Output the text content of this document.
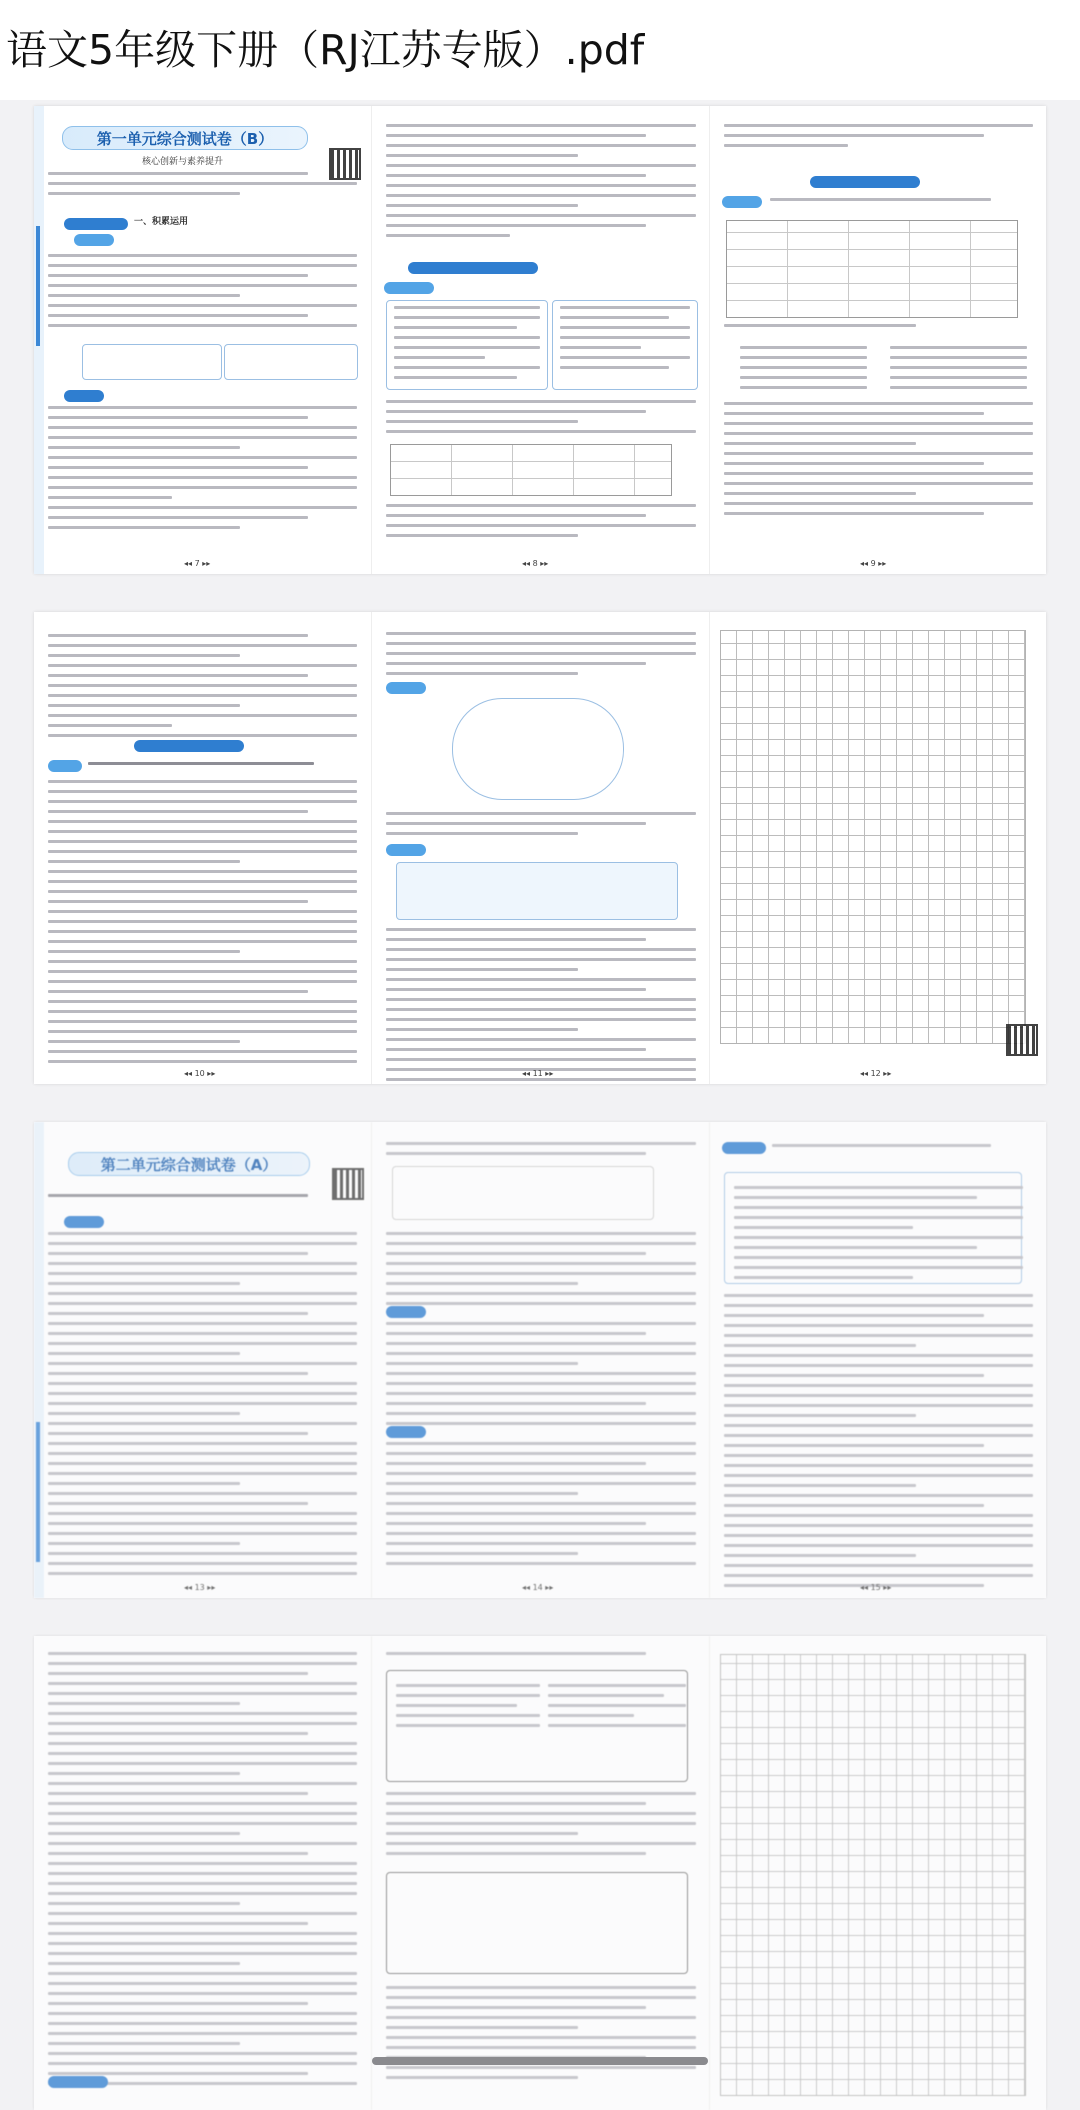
语文5年级下册（RJ江苏专版）.pdf
第一单元综合测试卷（B）
核心创新与素养提升
一、积累运用
◂◂ 7 ▸▸	◂◂ 8 ▸▸	◂◂ 9 ▸▸
◂◂ 10 ▸▸	◂◂ 11 ▸▸	◂◂ 12 ▸▸
第二单元综合测试卷（A）
◂◂ 13 ▸▸	◂◂ 14 ▸▸	◂◂ 15 ▸▸
